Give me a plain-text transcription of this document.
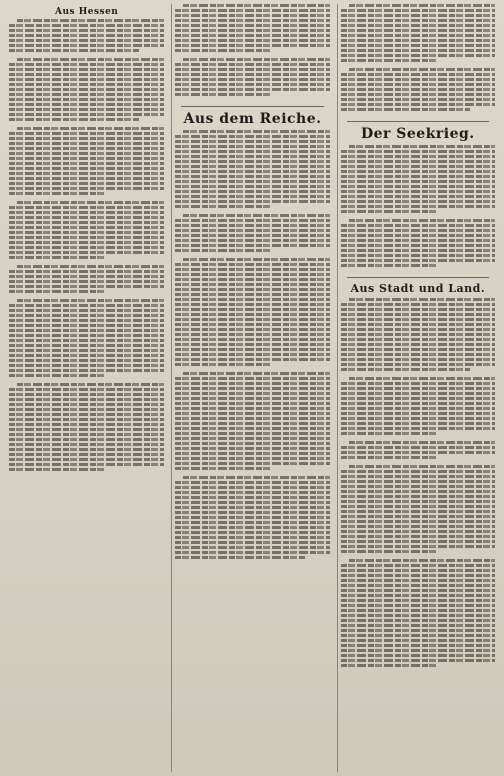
Aus Hessen
Aus dem Reiche.
Der Seekrieg.
Aus Stadt und Land.
